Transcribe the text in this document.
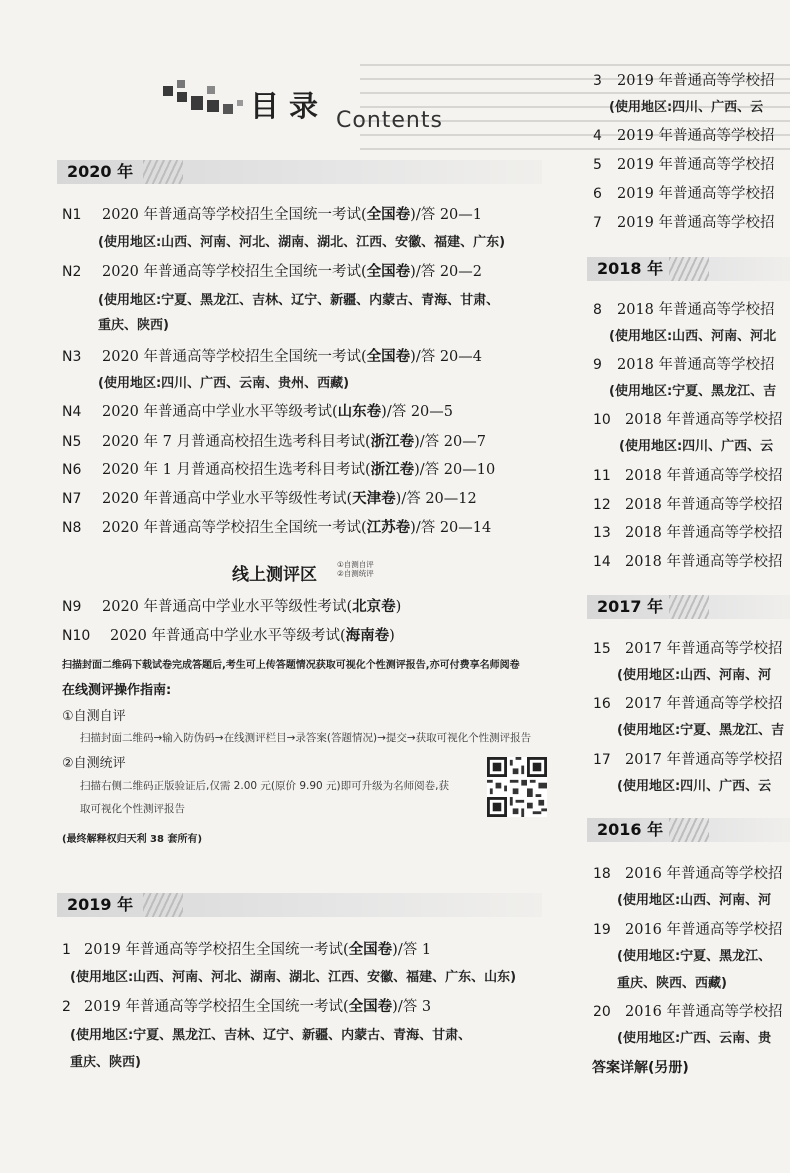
目录 Contents
2020 年
N1 2020 年普通高等学校招生全国统一考试(全国卷)/答 20—1
(使用地区:山西、河南、河北、湖南、湖北、江西、安徽、福建、广东)
N2 2020 年普通高等学校招生全国统一考试(全国卷)/答 20—2
(使用地区:宁夏、黑龙江、吉林、辽宁、新疆、内蒙古、青海、甘肃、
重庆、陕西)
N3 2020 年普通高等学校招生全国统一考试(全国卷)/答 20—4
(使用地区:四川、广西、云南、贵州、西藏)
N4 2020 年普通高中学业水平等级考试(山东卷)/答 20—5
N5 2020 年 7 月普通高校招生选考科目考试(浙江卷)/答 20—7
N6 2020 年 1 月普通高校招生选考科目考试(浙江卷)/答 20—10
N7 2020 年普通高中学业水平等级性考试(天津卷)/答 20—12
N8 2020 年普通高等学校招生全国统一考试(江苏卷)/答 20—14
线上测评区
①自测自评
②自测统评
N9 2020 年普通高中学业水平等级性考试(北京卷)
N10 2020 年普通高中学业水平等级考试(海南卷)
扫描封面二维码下载试卷完成答题后,考生可上传答题情况获取可视化个性测评报告,亦可付费享名师阅卷
在线测评操作指南:
①自测自评
扫描封面二维码→输入防伪码→在线测评栏目→录答案(答题情况)→提交→获取可视化个性测评报告
②自测统评
扫描右侧二维码正版验证后,仅需 2.00 元(原价 9.90 元)即可升级为名师阅卷,获
取可视化个性测评报告
(最终解释权归天利 38 套所有)
2019 年
1 2019 年普通高等学校招生全国统一考试(全国卷)/答 1
(使用地区:山西、河南、河北、湖南、湖北、江西、安徽、福建、广东、山东)
2 2019 年普通高等学校招生全国统一考试(全国卷)/答 3
(使用地区:宁夏、黑龙江、吉林、辽宁、新疆、内蒙古、青海、甘肃、
重庆、陕西)
3 2019 年普通高等学校招
(使用地区:四川、广西、云
4 2019 年普通高等学校招
5 2019 年普通高等学校招
6 2019 年普通高等学校招
7 2019 年普通高等学校招
2018 年
8 2018 年普通高等学校招
(使用地区:山西、河南、河北
9 2018 年普通高等学校招
(使用地区:宁夏、黑龙江、吉
10 2018 年普通高等学校招
(使用地区:四川、广西、云
11 2018 年普通高等学校招
12 2018 年普通高等学校招
13 2018 年普通高等学校招
14 2018 年普通高等学校招
2017 年
15 2017 年普通高等学校招
(使用地区:山西、河南、河
16 2017 年普通高等学校招
(使用地区:宁夏、黑龙江、吉
17 2017 年普通高等学校招
(使用地区:四川、广西、云
2016 年
18 2016 年普通高等学校招
(使用地区:山西、河南、河
19 2016 年普通高等学校招
(使用地区:宁夏、黑龙江、
重庆、陕西、西藏)
20 2016 年普通高等学校招
(使用地区:广西、云南、贵
答案详解(另册)
